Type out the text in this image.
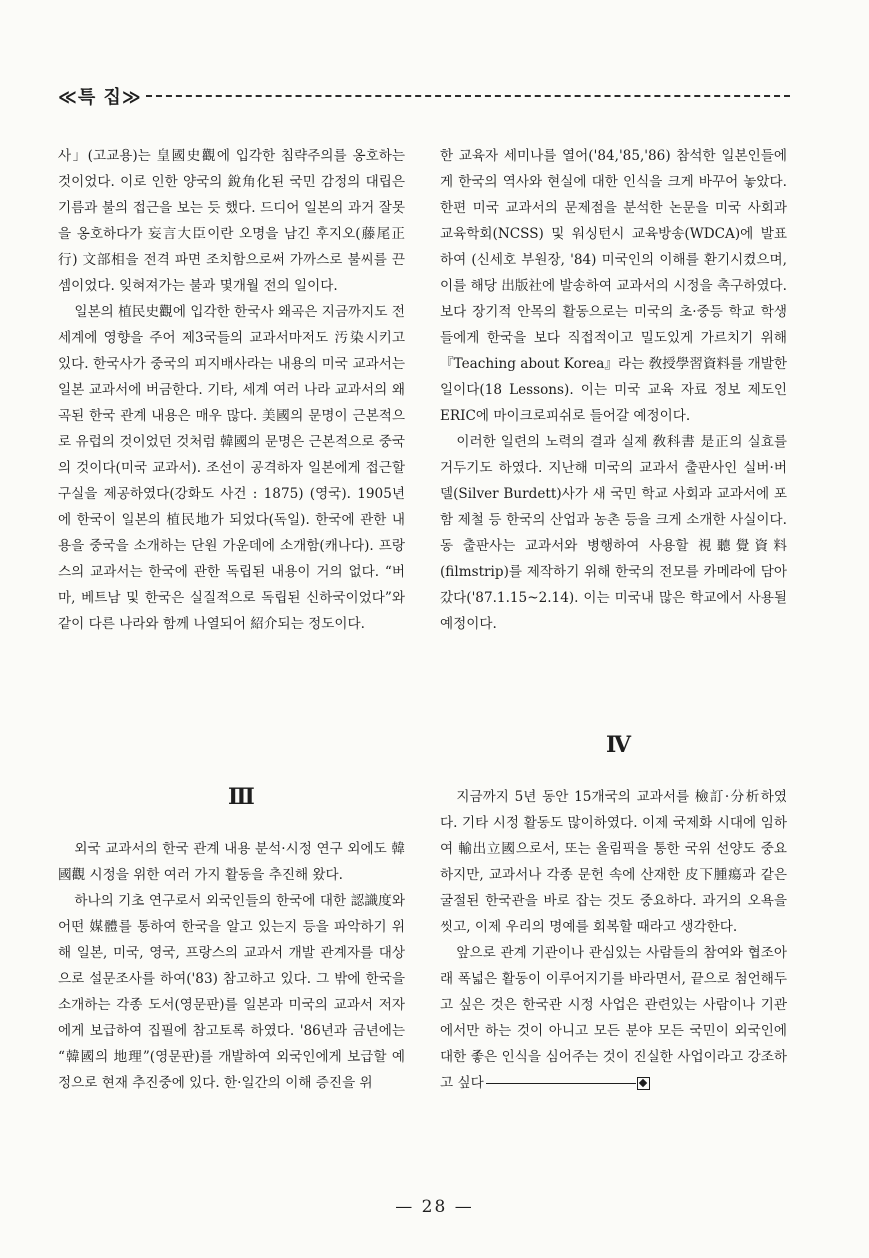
≪특 집≫

사」(고교용)는 皇國史觀에 입각한 침략주의를 옹호하는 것이었다. 이로 인한 양국의 銳角化된 국민 감정의 대립은 기름과 불의 접근을 보는 듯 했다. 드디어 일본의 과거 잘못을 옹호하다가 妄言大臣이란 오명을 남긴 후지오(藤尾正行) 文部相을 전격 파면 조치함으로써 가까스로 불씨를 끈 셈이었다. 잊혀져가는 불과 몇개월 전의 일이다.

일본의 植民史觀에 입각한 한국사 왜곡은 지금까지도 전 세계에 영향을 주어 제3국들의 교과서마저도 汚染시키고 있다. 한국사가 중국의 피지배사라는 내용의 미국 교과서는 일본 교과서에 버금한다. 기타, 세계 여러 나라 교과서의 왜곡된 한국 관계 내용은 매우 많다. 美國의 문명이 근본적으로 유럽의 것이었던 것처럼 韓國의 문명은 근본적으로 중국의 것이다(미국 교과서). 조선이 공격하자 일본에게 접근할 구실을 제공하였다(강화도 사건 : 1875) (영국). 1905년에 한국이 일본의 植民地가 되었다(독일). 한국에 관한 내용을 중국을 소개하는 단원 가운데에 소개함(캐나다). 프랑스의 교과서는 한국에 관한 독립된 내용이 거의 없다. “버마, 베트남 및 한국은 실질적으로 독립된 신하국이었다”와 같이 다른 나라와 함께 나열되어 紹介되는 정도이다.

한 교육자 세미나를 열어('84,'85,'86) 참석한 일본인들에게 한국의 역사와 현실에 대한 인식을 크게 바꾸어 놓았다. 한편 미국 교과서의 문제점을 분석한 논문을 미국 사회과 교육학회(NCSS) 및 워싱턴시 교육방송(WDCA)에 발표하여 (신세호 부원장, '84) 미국인의 이해를 환기시켰으며, 이를 해당 出版社에 발송하여 교과서의 시정을 촉구하였다. 보다 장기적 안목의 활동으로는 미국의 초·중등 학교 학생들에게 한국을 보다 직접적이고 밀도있게 가르치기 위해 『Teaching about Korea』라는 敎授學習資料를 개발한 일이다(18 Lessons). 이는 미국 교육 자료 정보 제도인 ERIC에 마이크로피쉬로 들어갈 예정이다.

이러한 일련의 노력의 결과 실제 敎科書 是正의 실효를 거두기도 하였다. 지난해 미국의 교과서 출판사인 실버·버델(Silver Burdett)사가 새 국민 학교 사회과 교과서에 포함 제철 등 한국의 산업과 농촌 등을 크게 소개한 사실이다. 동 출판사는 교과서와 병행하여 사용할 視聽覺資料(filmstrip)를 제작하기 위해 한국의 전모를 카메라에 담아갔다('87.1.15~2.14). 이는 미국내 많은 학교에서 사용될 예정이다.

Ⅲ
Ⅳ

외국 교과서의 한국 관계 내용 분석·시정 연구 외에도 韓國觀 시정을 위한 여러 가지 활동을 추진해 왔다.

하나의 기초 연구로서 외국인들의 한국에 대한 認識度와 어떤 媒體를 통하여 한국을 알고 있는지 등을 파악하기 위해 일본, 미국, 영국, 프랑스의 교과서 개발 관계자를 대상으로 설문조사를 하여('83) 참고하고 있다. 그 밖에 한국을 소개하는 각종 도서(영문판)를 일본과 미국의 교과서 저자에게 보급하여 집필에 참고토록 하였다. '86년과 금년에는 “韓國의 地理”(영문판)를 개발하여 외국인에게 보급할 예정으로 현재 추진중에 있다. 한·일간의 이해 증진을 위

지금까지 5년 동안 15개국의 교과서를 檢訂·分析하였다. 기타 시정 활동도 많이하였다. 이제 국제화 시대에 임하여 輸出立國으로서, 또는 올림픽을 통한 국위 선양도 중요하지만, 교과서나 각종 문헌 속에 산재한 皮下腫瘍과 같은 굴절된 한국관을 바로 잡는 것도 중요하다. 과거의 오욕을 씻고, 이제 우리의 명예를 회복할 때라고 생각한다.

앞으로 관계 기관이나 관심있는 사람들의 참여와 협조아래 폭넓은 활동이 이루어지기를 바라면서, 끝으로 첨언해두고 싶은 것은 한국관 시정 사업은 관련있는 사람이나 기관에서만 하는 것이 아니고 모든 분야 모든 국민이 외국인에 대한 좋은 인식을 심어주는 것이 진실한 사업이라고 강조하고 싶다

— 28 —
